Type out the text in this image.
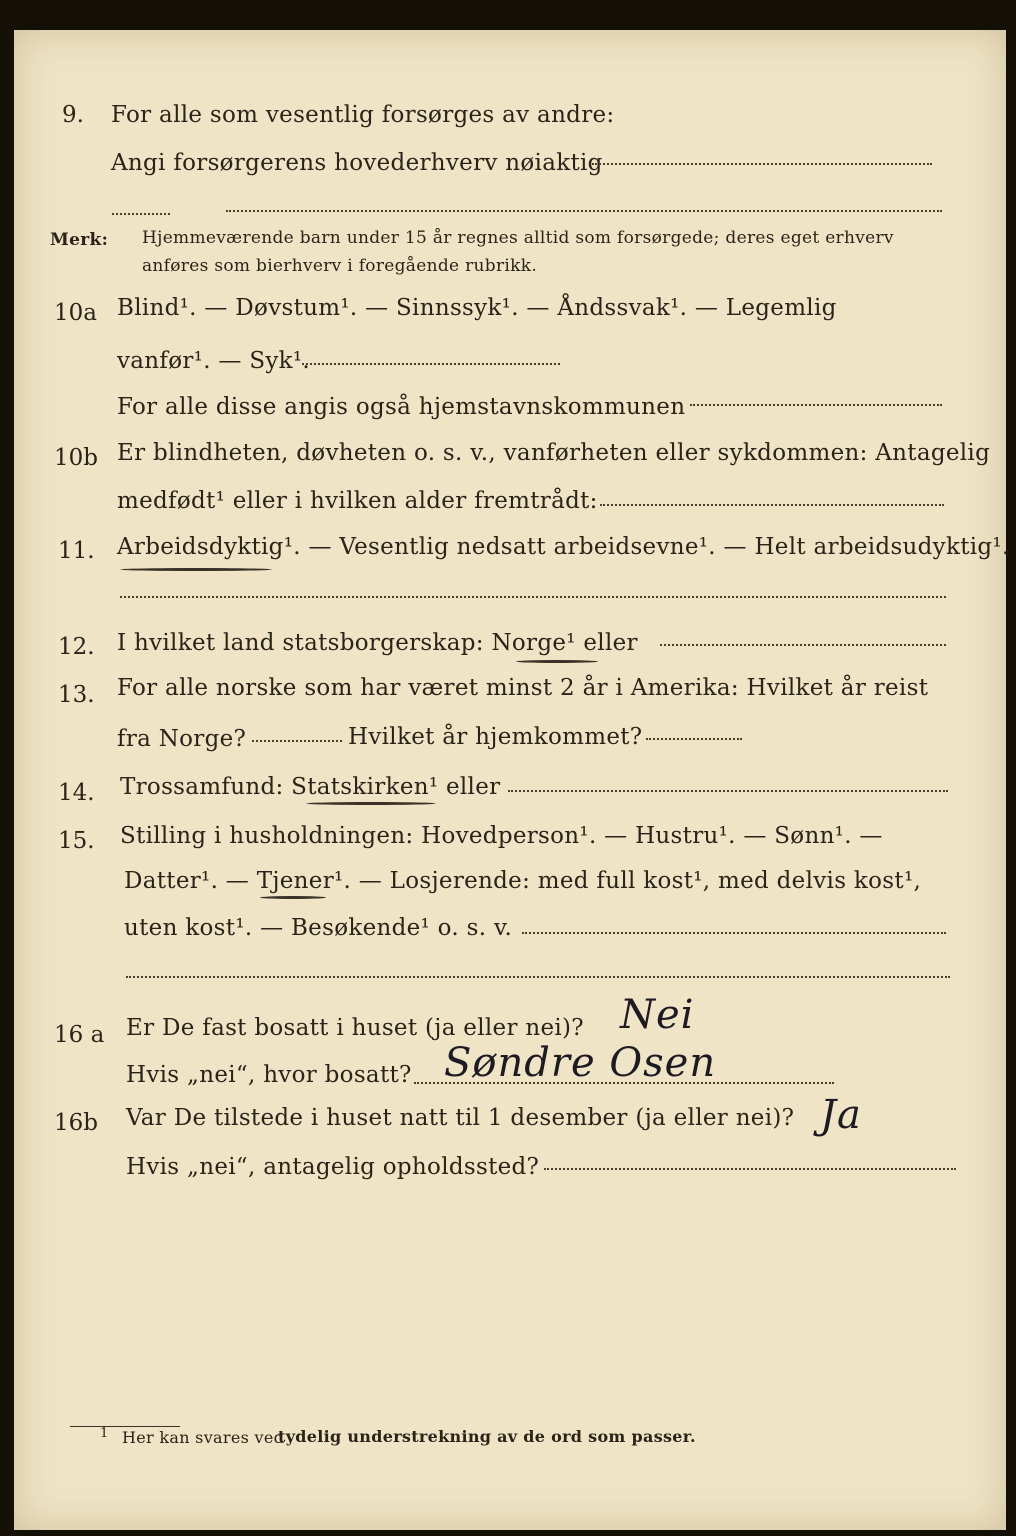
9. For alle som vesentlig forsørges av andre:
Angi forsørgerens hovederhverv nøiaktig
Merk: Hjemmeværende barn under 15 år regnes alltid som forsørgede; deres eget erhverv
anføres som bierhverv i foregående rubrikk.
10a Blind¹. — Døvstum¹. — Sinnssyk¹. — Åndssvak¹. — Legemlig
vanfør¹. — Syk¹.
For alle disse angis også hjemstavnskommunen
10b Er blindheten, døvheten o. s. v., vanførheten eller sykdommen: Antagelig
medfødt¹ eller i hvilken alder fremtrådt:
11. Arbeidsdyktig¹. — Vesentlig nedsatt arbeidsevne¹. — Helt arbeidsudyktig¹.
12. I hvilket land statsborgerskap: Norge¹ eller
13. For alle norske som har været minst 2 år i Amerika: Hvilket år reist
fra Norge?	Hvilket år hjemkommet?
14. Trossamfund: Statskirken¹ eller
15. Stilling i husholdningen: Hovedperson¹. — Hustru¹. — Sønn¹. —
Datter¹. — Tjener¹. — Losjerende: med full kost¹, med delvis kost¹,
uten kost¹. — Besøkende¹ o. s. v.
16 a Er De fast bosatt i huset (ja eller nei)? Nei
Hvis „nei“, hvor bosatt? Søndre Osen
16b Var De tilstede i huset natt til 1 desember (ja eller nei)? Ja
Hvis „nei“, antagelig opholdssted?
1 Her kan svares ved
tydelig understrekning av de ord som passer.
